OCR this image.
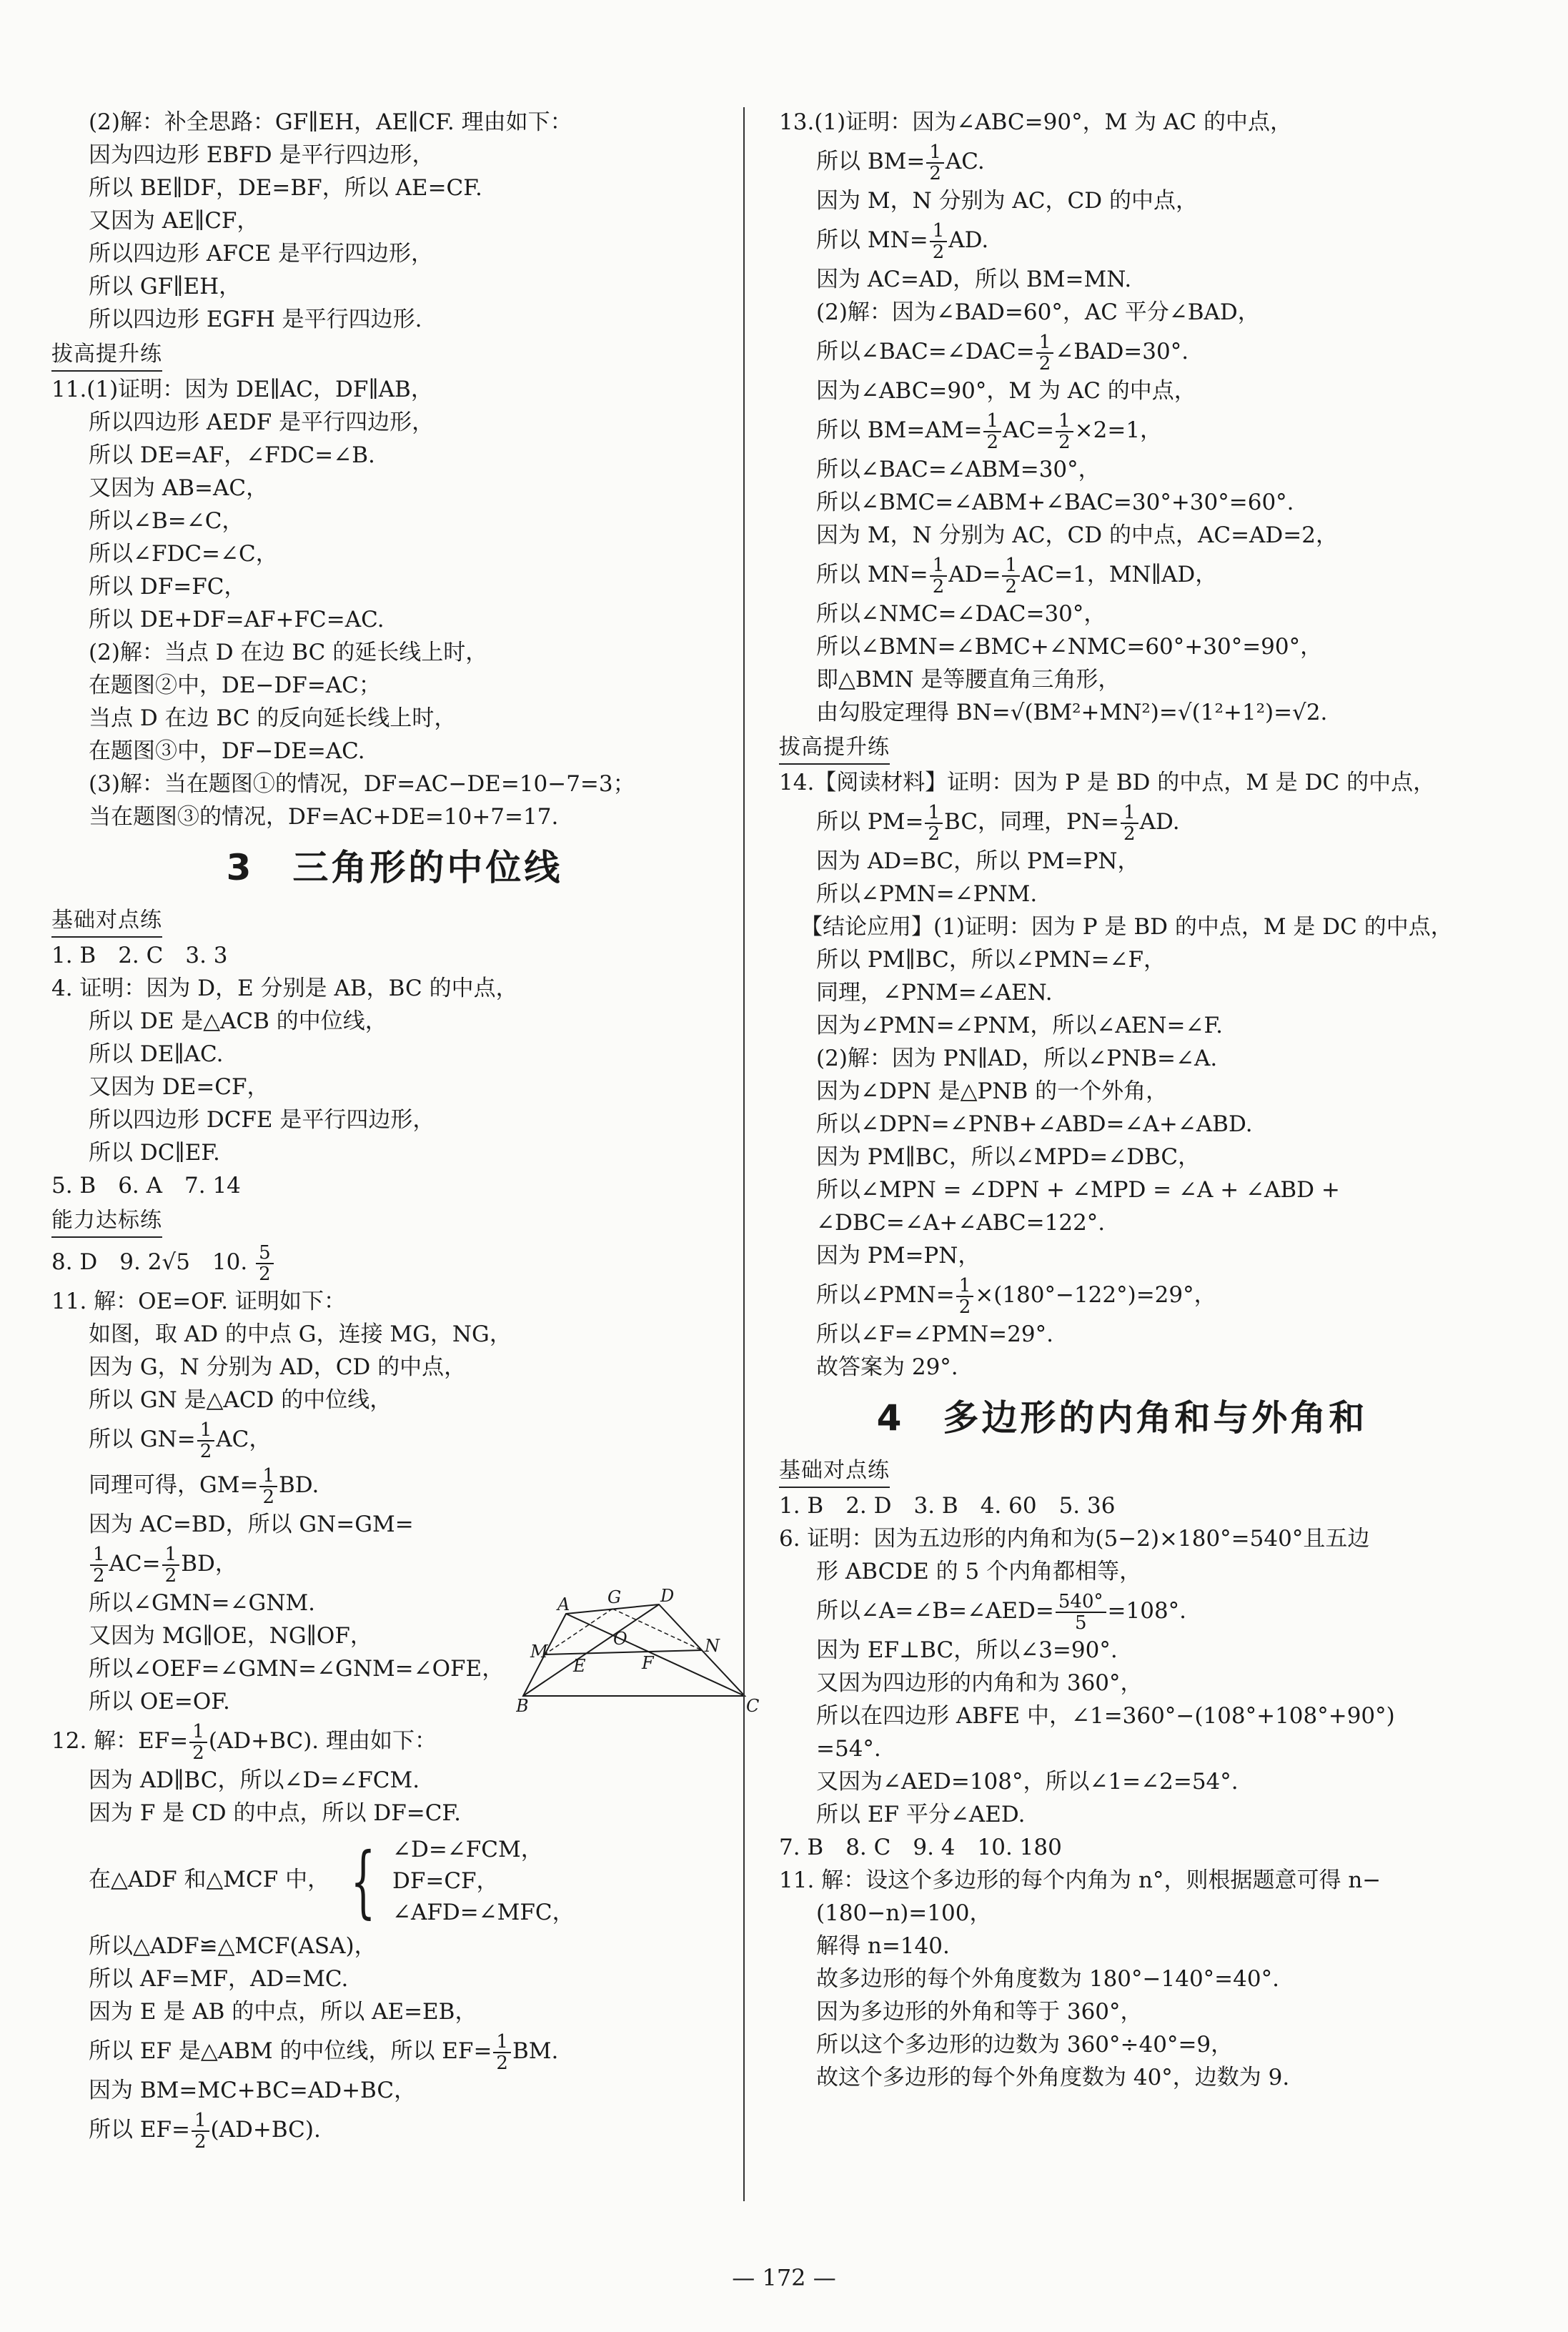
(2)解：补全思路：GF∥EH，AE∥CF. 理由如下：
因为四边形 EBFD 是平行四边形，
所以 BE∥DF，DE=BF，所以 AE=CF.
又因为 AE∥CF，
所以四边形 AFCE 是平行四边形，
所以 GF∥EH，
所以四边形 EGFH 是平行四边形.
拔高提升练
11.(1)证明：因为 DE∥AC，DF∥AB，
所以四边形 AEDF 是平行四边形，
所以 DE=AF，∠FDC=∠B.
又因为 AB=AC，
所以∠B=∠C，
所以∠FDC=∠C，
所以 DF=FC，
所以 DE+DF=AF+FC=AC.
(2)解：当点 D 在边 BC 的延长线上时，
在题图②中，DE−DF=AC；
当点 D 在边 BC 的反向延长线上时，
在题图③中，DF−DE=AC.
(3)解：当在题图①的情况，DF=AC−DE=10−7=3；
当在题图③的情况，DF=AC+DE=10+7=17.
3　三角形的中位线
基础对点练
1. B　2. C　3. 3
4. 证明：因为 D，E 分别是 AB，BC 的中点，
所以 DE 是△ACB 的中位线，
所以 DE∥AC.
又因为 DE=CF，
所以四边形 DCFE 是平行四边形，
所以 DC∥EF.
5. B　6. A　7. 14
能力达标练
8. D　9. 2√5　10. $\frac{5}{2}$
11. 解：OE=OF. 证明如下：
如图，取 AD 的中点 G，连接 MG，NG，
因为 G，N 分别为 AD，CD 的中点，
所以 GN 是△ACD 的中位线，
所以 $GN= \frac{1}{2}$ AC，
同理可得，$GM= \frac{1}{2}$ BD.
因为 AC=BD，所以 GN=GM=
$\frac{1}{2} AC= \frac{1}{2}$ BD，
所以∠GMN=∠GNM.
又因为 MG∥OE，NG∥OF，
所以∠OEF=∠GMN=∠GNM=∠OFE，
所以 OE=OF.
12. 解：$EF= \frac{1}{2} (AD+BC)$. 理由如下：
因为 AD∥BC，所以∠D=∠FCM.
因为 F 是 CD 的中点，所以 DF=CF.
在△ADF 和△MCF 中， { ∠D=∠FCM，
DF=CF，
∠AFD=∠MFC，
所以△ADF≌△MCF(ASA)，
所以 AF=MF，AD=MC.
因为 E 是 AB 的中点，所以 AE=EB，
所以 EF 是△ABM 的中位线，所以 $EF= \frac{1}{2}$ BM.
因为 BM=MC+BC=AD+BC，
所以 $EF= \frac{1}{2} (AD+BC)$.
A G D
M
O	N
E	F
B	C
13.(1)证明：因为∠ABC=90°，M 为 AC 的中点，
所以 $BM= \frac{1}{2}$ AC.
因为 M，N 分别为 AC，CD 的中点，
所以 $MN= \frac{1}{2}$ AD.
因为 AC=AD，所以 BM=MN.
(2)解：因为∠BAD=60°，AC 平分∠BAD，
所以∠BAC=∠DAC= $\frac{1}{2}$ ∠BAD=30°.
因为∠ABC=90°，M 为 AC 的中点，
所以 $BM=AM= \frac{1}{2} AC= \frac{1}{2} \times 2=1$，
所以∠BAC=∠ABM=30°，
所以∠BMC=∠ABM+∠BAC=30°+30°=60°.
因为 M，N 分别为 AC，CD 的中点，AC=AD=2，
所以 $MN= \frac{1}{2} AD= \frac{1}{2} AC=1$，MN∥AD，
所以∠NMC=∠DAC=30°，
所以∠BMN=∠BMC+∠NMC=60°+30°=90°，
即△BMN 是等腰直角三角形，
由勾股定理得 BN=√(BM²+MN²)=√(1²+1²)=√2.
拔高提升练
14.【阅读材料】证明：因为 P 是 BD 的中点，M 是 DC 的中点，
所以 $PM= \frac{1}{2}$ BC，同理，$PN= \frac{1}{2}$ AD.
因为 AD=BC，所以 PM=PN，
所以∠PMN=∠PNM.
【结论应用】(1)证明：因为 P 是 BD 的中点，M 是 DC 的中点，
所以 PM∥BC，所以∠PMN=∠F，
同理，∠PNM=∠AEN.
因为∠PMN=∠PNM，所以∠AEN=∠F.
(2)解：因为 PN∥AD，所以∠PNB=∠A.
因为∠DPN 是△PNB 的一个外角，
所以∠DPN=∠PNB+∠ABD=∠A+∠ABD.
因为 PM∥BC，所以∠MPD=∠DBC，
所以∠MPN = ∠DPN + ∠MPD = ∠A + ∠ABD +
∠DBC=∠A+∠ABC=122°.
因为 PM=PN，
所以∠PMN= $\frac{1}{2} \times(180^\circ-122^\circ)=29^\circ$，
所以∠F=∠PMN=29°.
故答案为 29°.
4　多边形的内角和与外角和
基础对点练
1. B　2. D　3. B　4. 60　5. 36
6. 证明：因为五边形的内角和为(5−2)×180°=540°且五边
形 ABCDE 的 5 个内角都相等，
所以∠A=∠B=∠AED= $\frac{540^\circ}{5} =108^\circ$.
因为 EF⊥BC，所以∠3=90°.
又因为四边形的内角和为 360°，
所以在四边形 ABFE 中，∠1=360°−(108°+108°+90°)
=54°.
又因为∠AED=108°，所以∠1=∠2=54°.
所以 EF 平分∠AED.
7. B　8. C　9. 4　10. 180
11. 解：设这个多边形的每个内角为 n°，则根据题意可得 n−
(180−n)=100，
解得 n=140.
故多边形的每个外角度数为 180°−140°=40°.
因为多边形的外角和等于 360°，
所以这个多边形的边数为 360°÷40°=9，
故这个多边形的每个外角度数为 40°，边数为 9.
— 172 —
